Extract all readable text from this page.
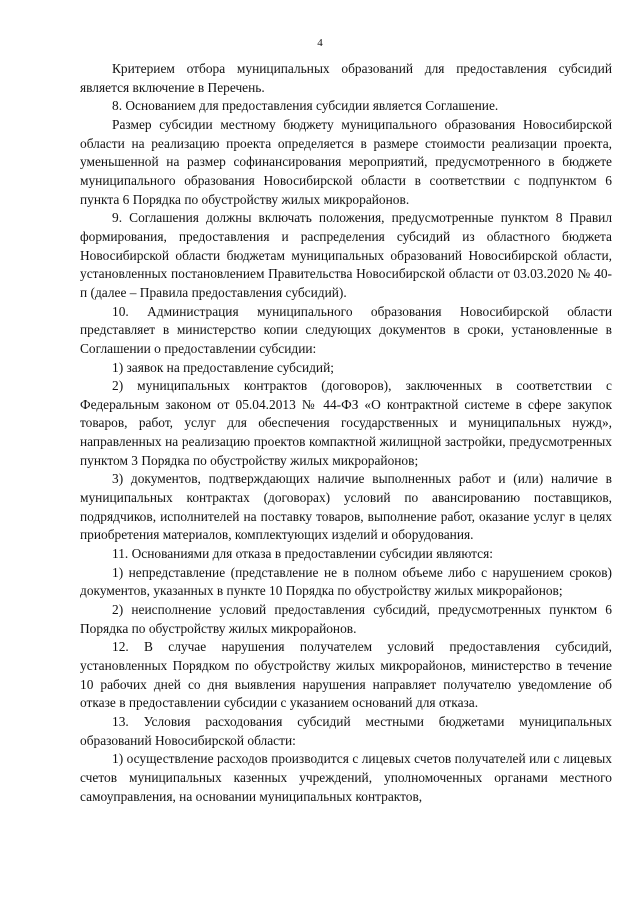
4

Критерием отбора муниципальных образований для предоставления субсидий является включение в Перечень.

8. Основанием для предоставления субсидии является Соглашение.

Размер субсидии местному бюджету муниципального образования Новосибирской области на реализацию проекта определяется в размере стоимости реализации проекта, уменьшенной на размер софинансирования мероприятий, предусмотренного в бюджете муниципального образования Новосибирской области в соответствии с подпунктом 6 пункта 6 Порядка по обустройству жилых микрорайонов.

9. Соглашения должны включать положения, предусмотренные пунктом 8 Правил формирования, предоставления и распределения субсидий из областного бюджета Новосибирской области бюджетам муниципальных образований Новосибирской области, установленных постановлением Правительства Новосибирской области от 03.03.2020 № 40-п (далее – Правила предоставления субсидий).

10. Администрация муниципального образования Новосибирской области представляет в министерство копии следующих документов в сроки, установленные в Соглашении о предоставлении субсидии:

1) заявок на предоставление субсидий;

2) муниципальных контрактов (договоров), заключенных в соответствии с Федеральным законом от 05.04.2013 № 44-ФЗ «О контрактной системе в сфере закупок товаров, работ, услуг для обеспечения государственных и муниципальных нужд», направленных на реализацию проектов компактной жилищной застройки, предусмотренных пунктом 3 Порядка по обустройству жилых микрорайонов;

3) документов, подтверждающих наличие выполненных работ и (или) наличие в муниципальных контрактах (договорах) условий по авансированию поставщиков, подрядчиков, исполнителей на поставку товаров, выполнение работ, оказание услуг в целях приобретения материалов, комплектующих изделий и оборудования.

11. Основаниями для отказа в предоставлении субсидии являются:

1) непредставление (представление не в полном объеме либо с нарушением сроков) документов, указанных в пункте 10 Порядка по обустройству жилых микрорайонов;

2) неисполнение условий предоставления субсидий, предусмотренных пунктом 6 Порядка по обустройству жилых микрорайонов.

12. В случае нарушения получателем условий предоставления субсидий, установленных Порядком по обустройству жилых микрорайонов, министерство в течение 10 рабочих дней со дня выявления нарушения направляет получателю уведомление об отказе в предоставлении субсидии с указанием оснований для отказа.

13. Условия расходования субсидий местными бюджетами муниципальных образований Новосибирской области:

1) осуществление расходов производится с лицевых счетов получателей или с лицевых счетов муниципальных казенных учреждений, уполномоченных органами местного самоуправления, на основании муниципальных контрактов,
